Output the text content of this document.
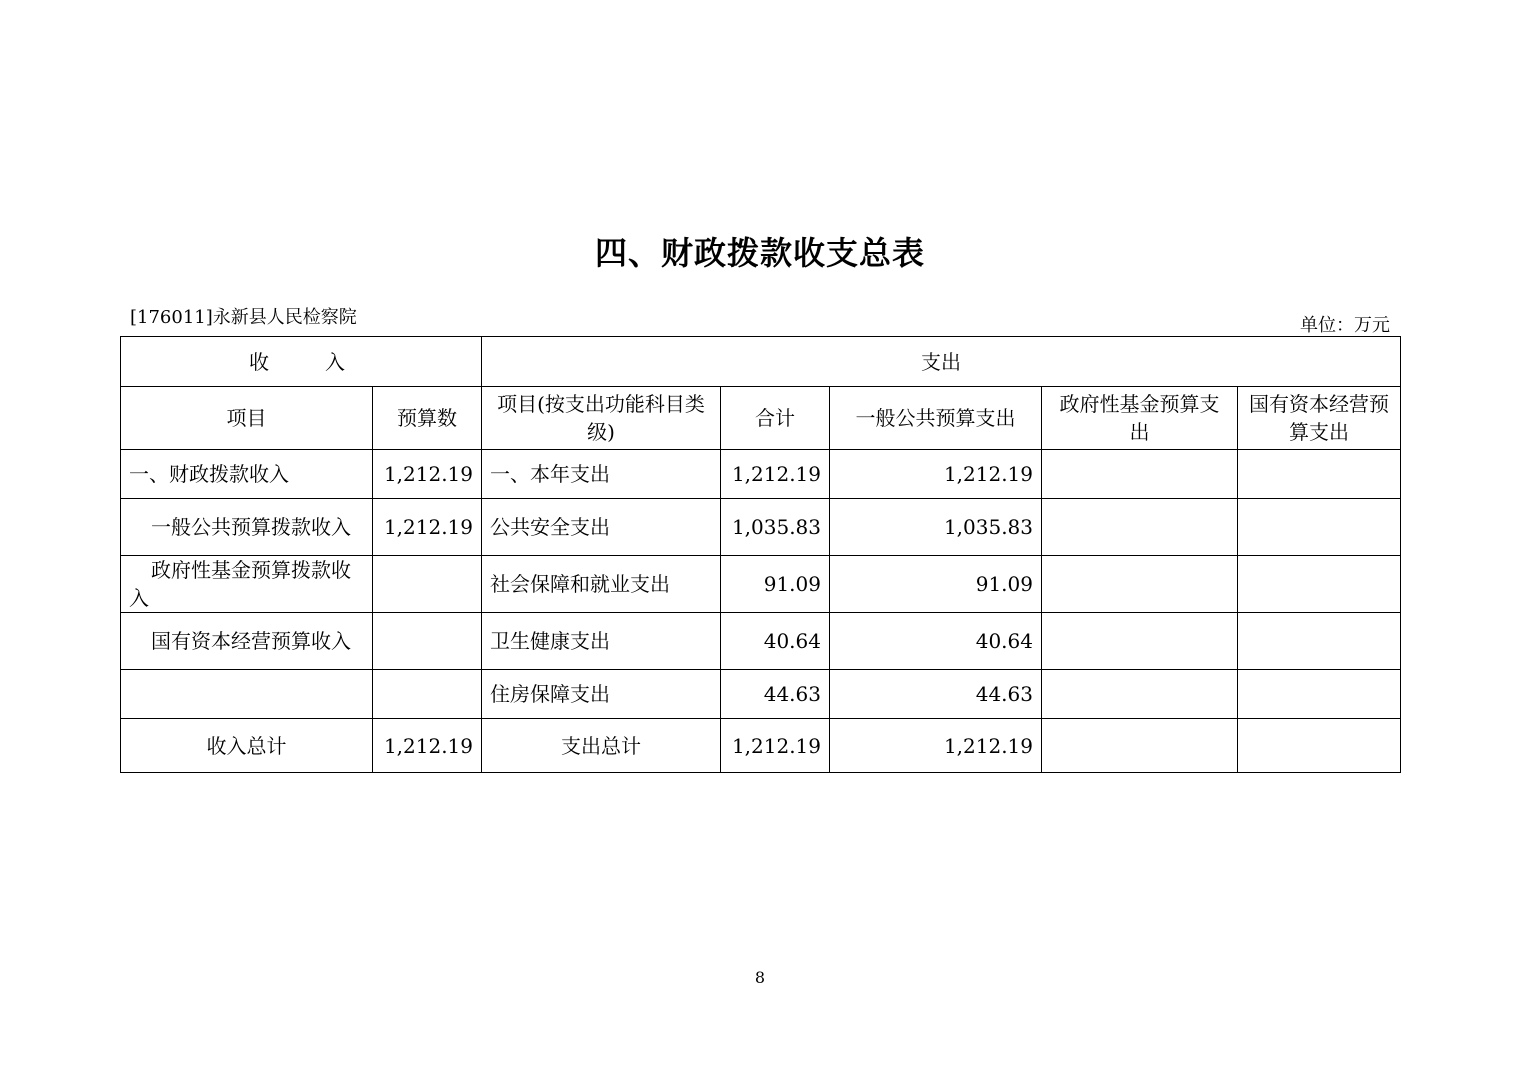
四、财政拨款收支总表
[176011]永新县人民检察院	单位：万元
收入		支出				
项目	预算数	项目(按支出功能科目类级)	合计	一般公共预算支出	政府性基金预算支出	国有资本经营预算支出
一、财政拨款收入	1,212.19	一、本年支出	1,212.19	1,212.19		
一般公共预算拨款收入	1,212.19	公共安全支出	1,035.83	1,035.83		
政府性基金预算拨款收入		社会保障和就业支出	91.09	91.09		
国有资本经营预算收入		卫生健康支出	40.64	40.64		
		住房保障支出	44.63	44.63		
收入总计	1,212.19	支出总计	1,212.19	1,212.19		
8
